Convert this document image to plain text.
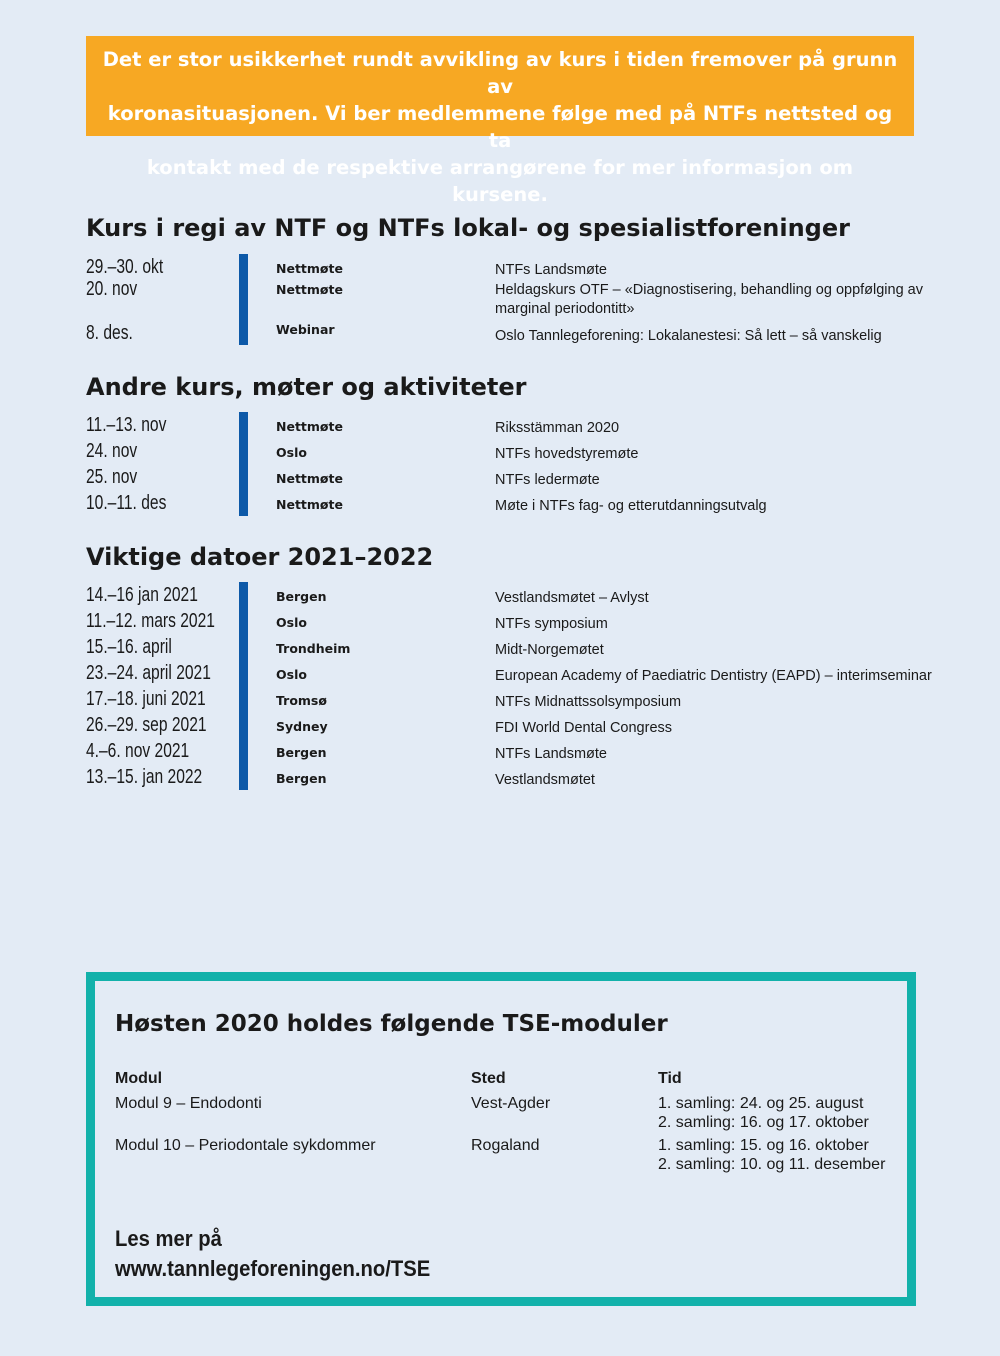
Det er stor usikkerhet rundt avvikling av kurs i tiden fremover på grunn av
koronasituasjonen. Vi ber medlemmene følge med på NTFs nettsted og ta
kontakt med de respektive arrangørene for mer informasjon om kursene.
Kurs i regi av NTF og NTFs lokal- og spesialistforeninger
29.–30. okt	Nettmøte	NTFs Landsmøte
20. nov	Nettmøte	Heldagskurs OTF – «Diagnostisering, behandling og oppfølging av marginal periodontitt»
8. des.	Webinar	Oslo Tannlegeforening: Lokalanestesi: Så lett – så vanskelig
Andre kurs, møter og aktiviteter
11.–13. nov	Nettmøte	Riksstämman 2020
24. nov	Oslo	NTFs hovedstyremøte
25. nov	Nettmøte	NTFs ledermøte
10.–11. des	Nettmøte	Møte i NTFs fag- og etterutdanningsutvalg
Viktige datoer 2021–2022
14.–16 jan 2021	Bergen	Vestlandsmøtet – Avlyst
11.–12. mars 2021	Oslo	NTFs symposium
15.–16. april	Trondheim	Midt-Norgemøtet
23.–24. april 2021	Oslo	European Academy of Paediatric Dentistry (EAPD) – interimseminar
17.–18. juni 2021	Tromsø	NTFs Midnattssolsymposium
26.–29. sep 2021	Sydney	FDI World Dental Congress
4.–6. nov 2021	Bergen	NTFs Landsmøte
13.–15. jan 2022	Bergen	Vestlandsmøtet
Høsten 2020 holdes følgende TSE-moduler
Modul	Sted	Tid
Modul 9 – Endodonti	Vest-Agder	1. samling: 24. og 25. august
2. samling: 16. og 17. oktober
Modul 10 – Periodontale sykdommer	Rogaland	1. samling: 15. og 16. oktober
2. samling: 10. og 11. desember
Les mer på
www.tannlegeforeningen.no/TSE
